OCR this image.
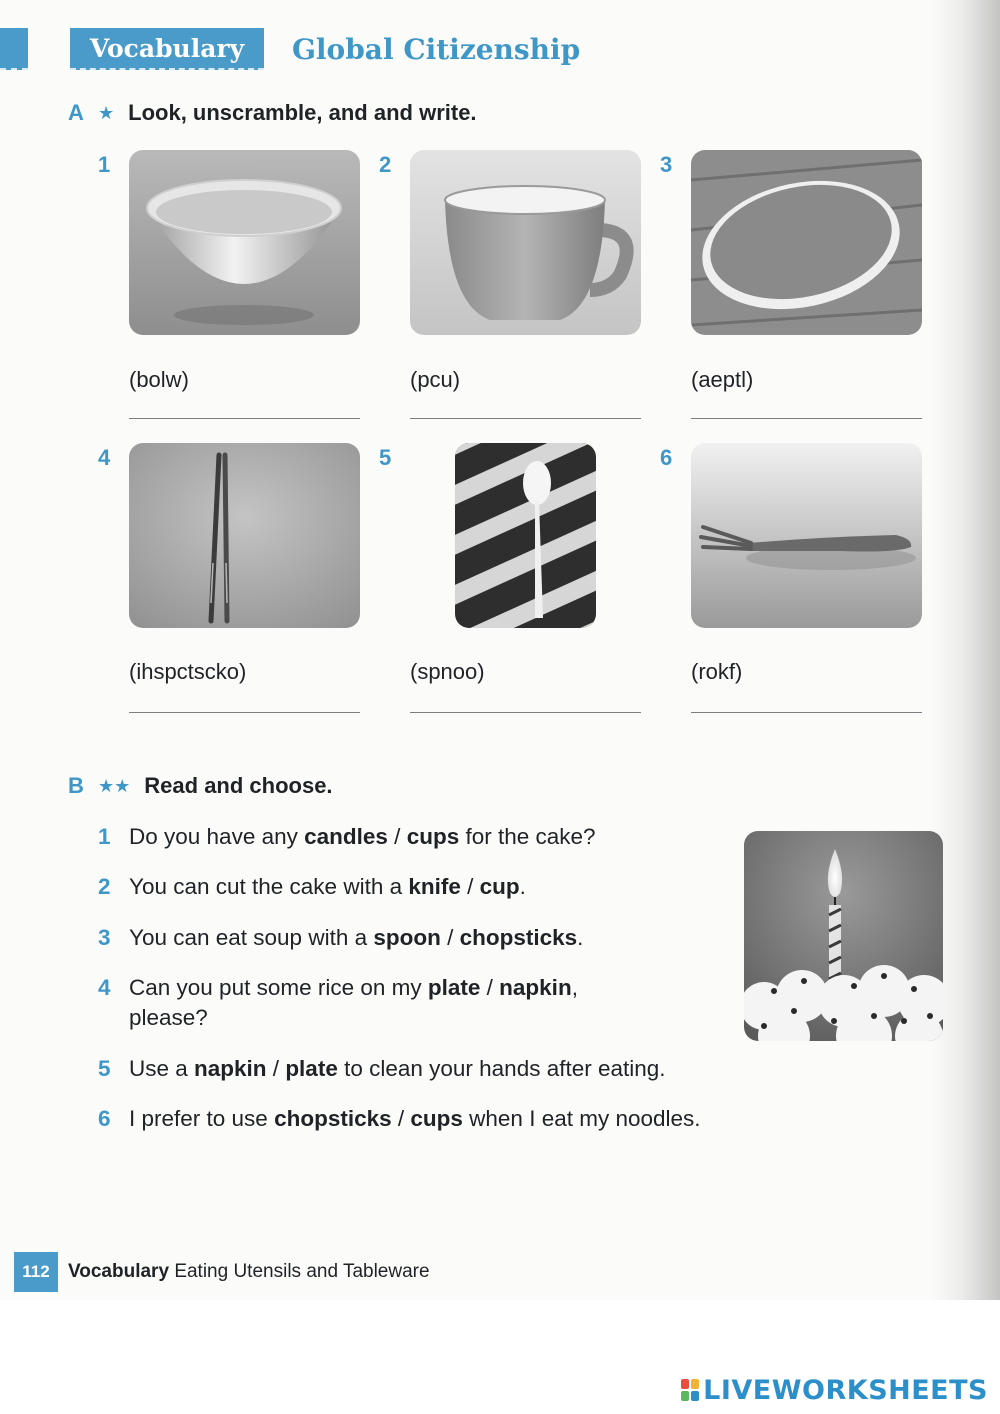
Vocabulary	Global Citizenship
A ★ Look, unscramble, and and write.
1
(bolw)
2
(pcu)
3
(aeptl)
4
(ihspctscko)
5
(spnoo)
6
(rokf)
B ★★ Read and choose.
1 Do you have any candles / cups for the cake?
2 You can cut the cake with a knife / cup.
3 You can eat soup with a spoon / chopsticks.
4 Can you put some rice on my plate / napkin,
please?
5 Use a napkin / plate to clean your hands after eating.
6 I prefer to use chopsticks / cups when I eat my noodles.
112 Vocabulary Eating Utensils and Tableware
LIVEWORKSHEETS
